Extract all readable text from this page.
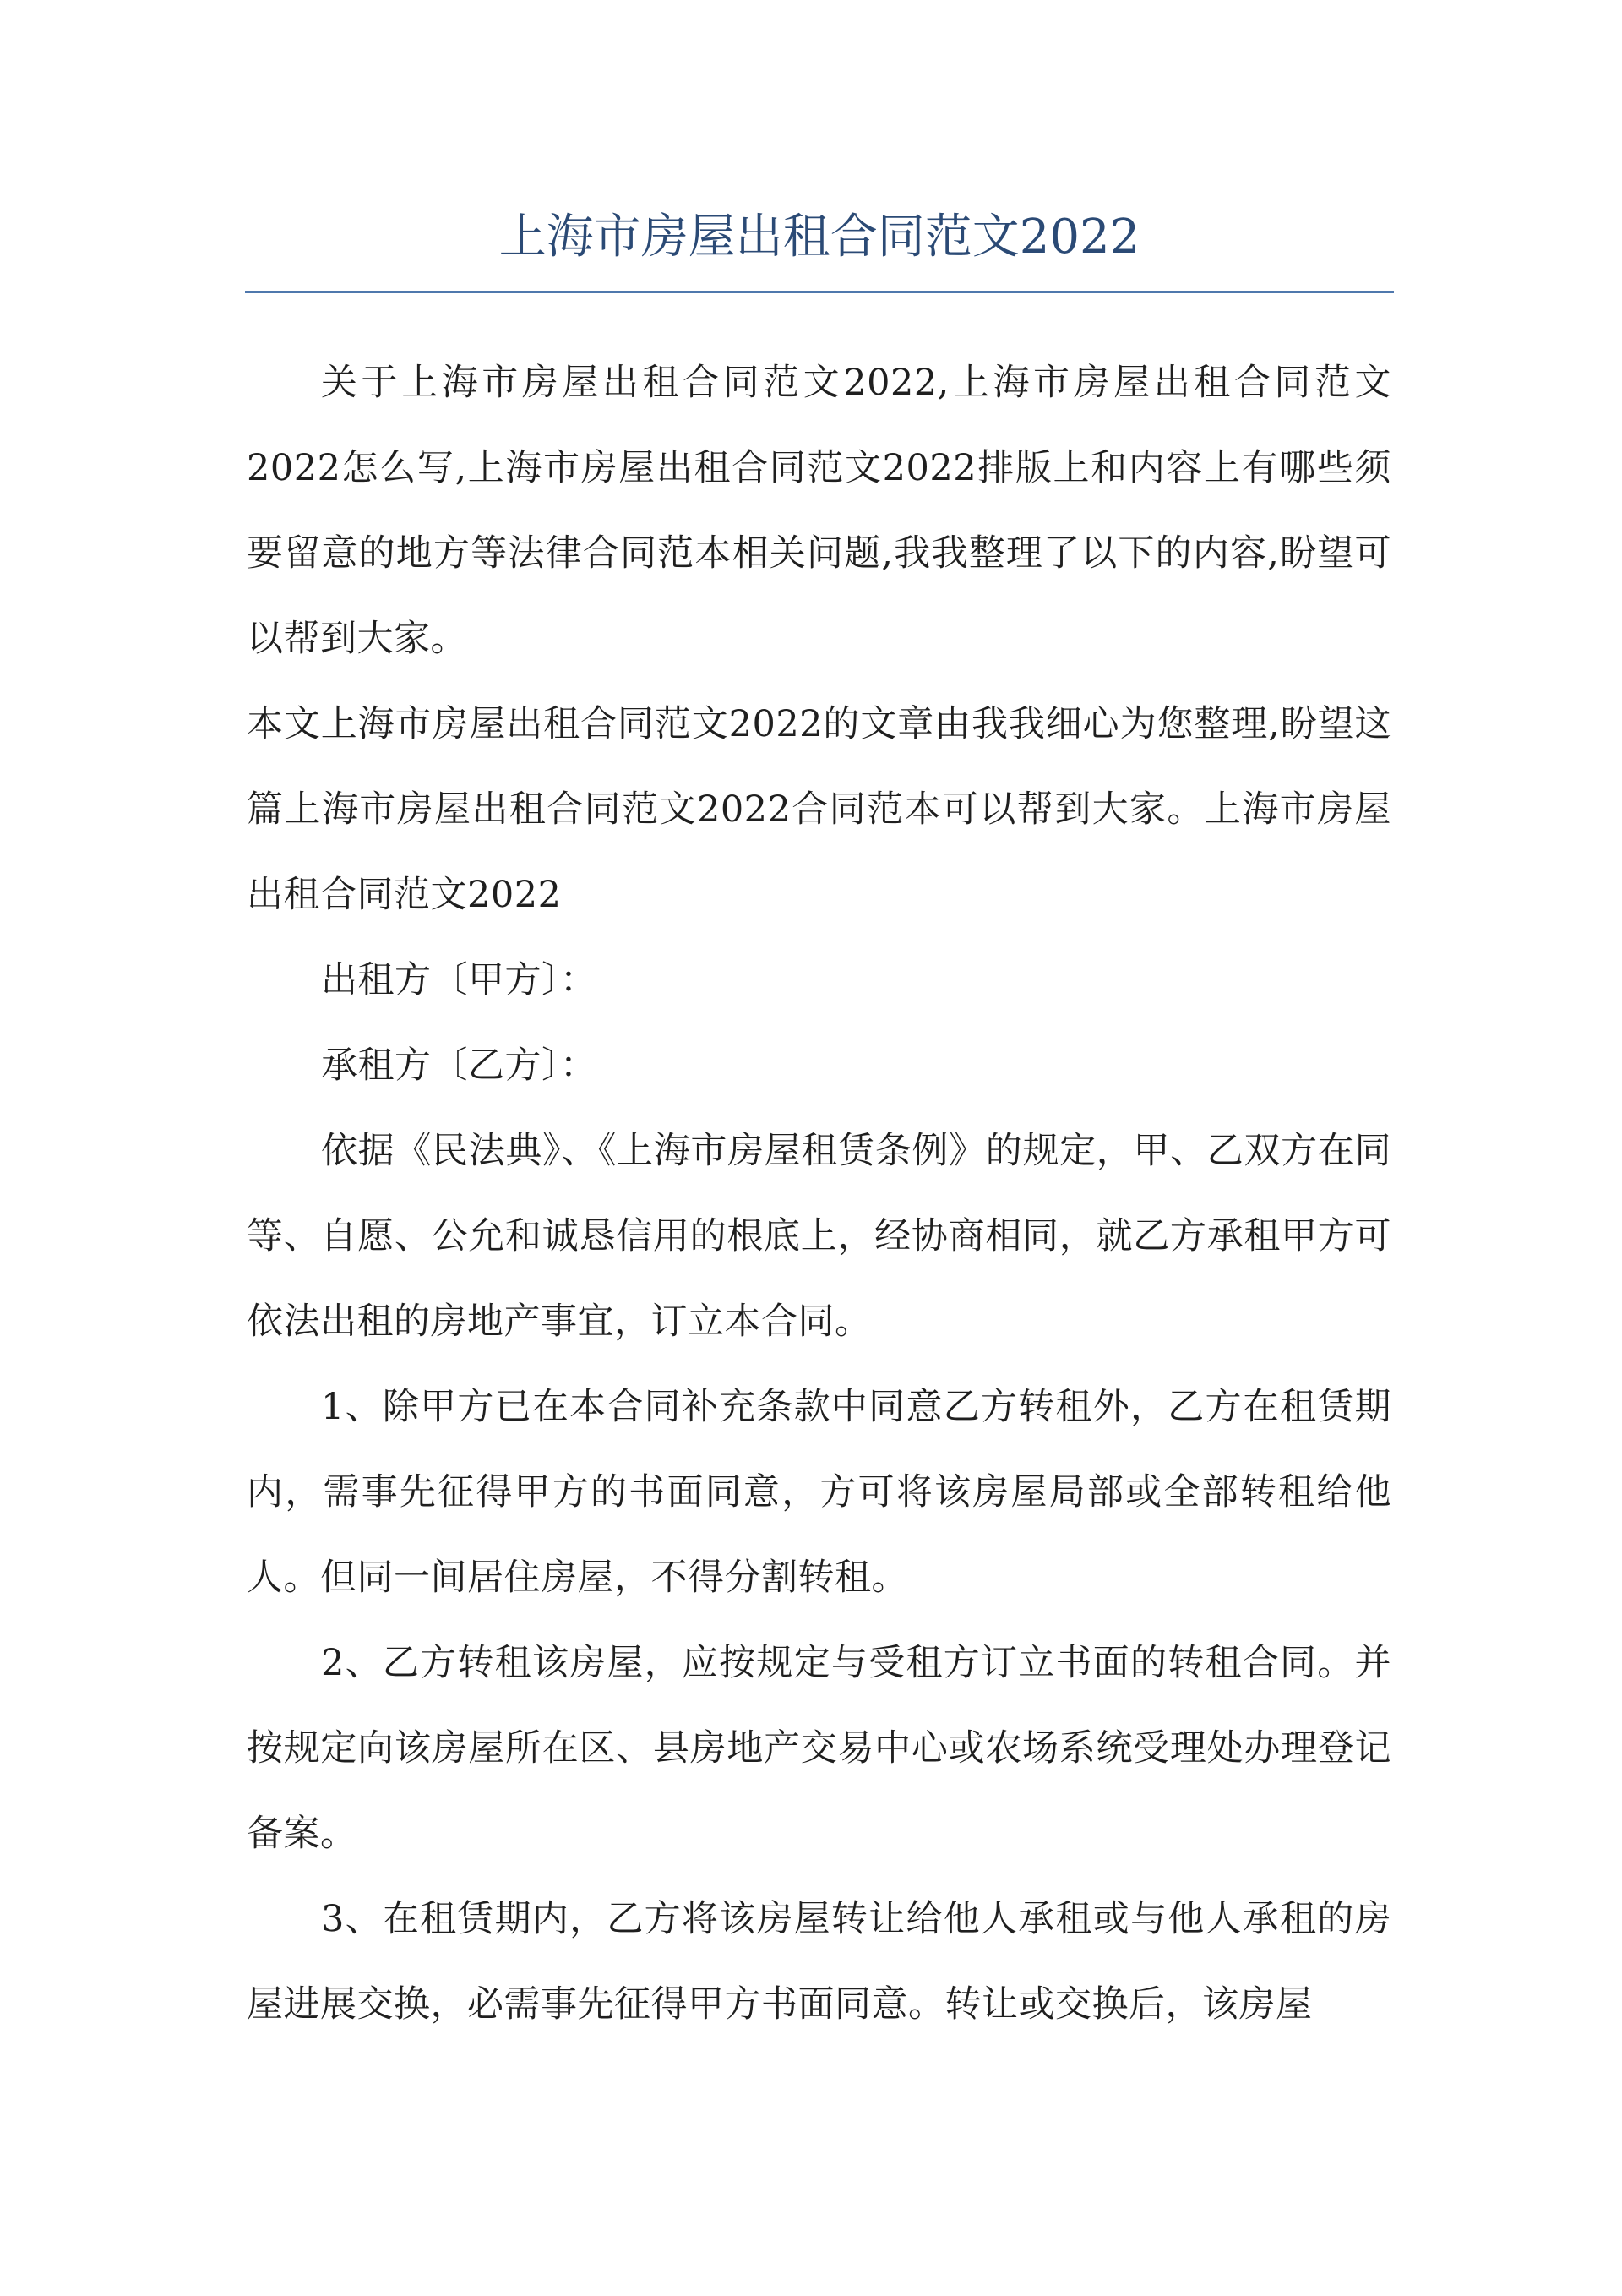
上海市房屋出租合同范文2022

关于上海市房屋出租合同范文2022,上海市房屋出租合同范文2022怎么写,上海市房屋出租合同范文2022排版上和内容上有哪些须要留意的地方等法律合同范本相关问题,我我整理了以下的内容,盼望可以帮到大家。

本文上海市房屋出租合同范文2022的文章由我我细心为您整理,盼望这篇上海市房屋出租合同范文2022合同范本可以帮到大家。上海市房屋出租合同范文2022

出租方〔甲方〕：

承租方〔乙方〕：

依据《民法典》、《上海市房屋租赁条例》的规定，甲、乙双方在同等、自愿、公允和诚恳信用的根底上，经协商相同，就乙方承租甲方可依法出租的房地产事宜，订立本合同。

1、除甲方已在本合同补充条款中同意乙方转租外，乙方在租赁期内，需事先征得甲方的书面同意，方可将该房屋局部或全部转租给他人。但同一间居住房屋，不得分割转租。

2、乙方转租该房屋，应按规定与受租方订立书面的转租合同。并按规定向该房屋所在区、县房地产交易中心或农场系统受理处办理登记备案。

3、在租赁期内，乙方将该房屋转让给他人承租或与他人承租的房屋进展交换，必需事先征得甲方书面同意。转让或交换后，该房屋
